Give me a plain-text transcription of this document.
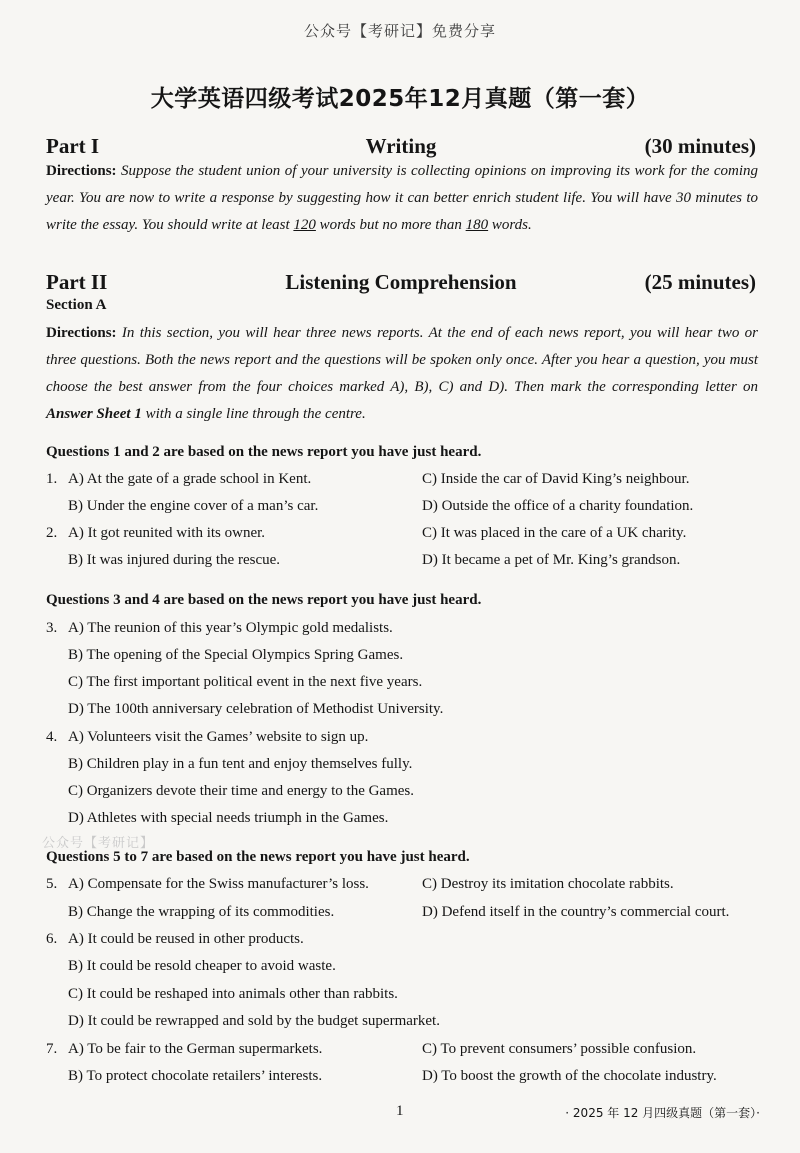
公众号【考研记】免费分享
大学英语四级考试2025年12月真题（第一套）
Part I	Writing	(30 minutes)
Directions: Suppose the student union of your university is collecting opinions on improving its work for the coming year. You are now to write a response by suggesting how it can better enrich student life. You will have 30 minutes to write the essay. You should write at least 120 words but no more than 180 words.
Part II	Listening Comprehension	(25 minutes)
Section A
Directions: In this section, you will hear three news reports. At the end of each news report, you will hear two or three questions. Both the news report and the questions will be spoken only once. After you hear a question, you must choose the best answer from the four choices marked A), B), C) and D). Then mark the corresponding letter on Answer Sheet 1 with a single line through the centre.
Questions 1 and 2 are based on the news report you have just heard.
1. A) At the gate of a grade school in Kent.	C) Inside the car of David King’s neighbour.
B) Under the engine cover of a man’s car.	D) Outside the office of a charity foundation.
2. A) It got reunited with its owner.	C) It was placed in the care of a UK charity.
B) It was injured during the rescue.	D) It became a pet of Mr. King’s grandson.
Questions 3 and 4 are based on the news report you have just heard.
3. A) The reunion of this year’s Olympic gold medalists.
B) The opening of the Special Olympics Spring Games.
C) The first important political event in the next five years.
D) The 100th anniversary celebration of Methodist University.
4. A) Volunteers visit the Games’ website to sign up.
B) Children play in a fun tent and enjoy themselves fully.
C) Organizers devote their time and energy to the Games.
D) Athletes with special needs triumph in the Games.
公众号【考研记】
Questions 5 to 7 are based on the news report you have just heard.
5. A) Compensate for the Swiss manufacturer’s loss.	C) Destroy its imitation chocolate rabbits.
B) Change the wrapping of its commodities.	D) Defend itself in the country’s commercial court.
6. A) It could be reused in other products.
B) It could be resold cheaper to avoid waste.
C) It could be reshaped into animals other than rabbits.
D) It could be rewrapped and sold by the budget supermarket.
7. A) To be fair to the German supermarkets.	C) To prevent consumers’ possible confusion.
B) To protect chocolate retailers’ interests.	D) To boost the growth of the chocolate industry.
1	· 2025 年 12 月四级真题（第一套）·
